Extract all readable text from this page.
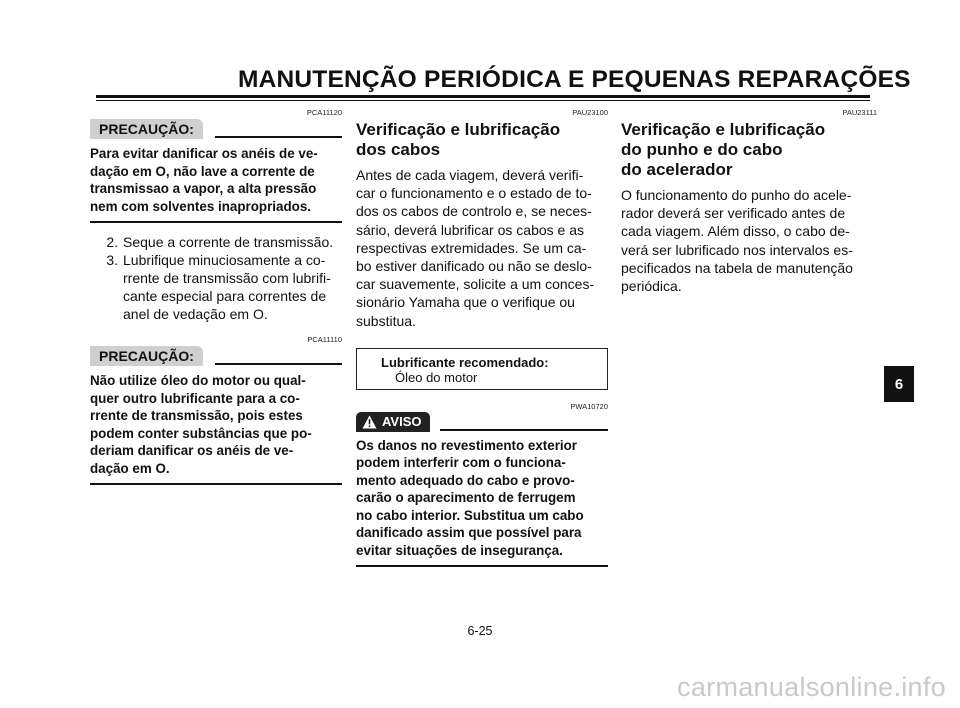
MANUTENÇÃO PERIÓDICA E PEQUENAS REPARAÇÕES
PCA11120
PRECAUÇÃO:
Para evitar danificar os anéis de ve-
dação em O, não lave a corrente de
transmissao a vapor, a alta pressão
nem com solventes inapropriados.
2. Seque a corrente de transmissão.
3. Lubrifique minuciosamente a co-
rrente de transmissão com lubrifi-
cante especial para correntes de
anel de vedação em O.
PCA11110
PRECAUÇÃO:
Não utilize óleo do motor ou qual-
quer outro lubrificante para a co-
rrente de transmissão, pois estes
podem conter substâncias que po-
deriam danificar os anéis de ve-
dação em O.
PAU23100
Verificação e lubrificação
dos cabos
Antes de cada viagem, deverá verifi-
car o funcionamento e o estado de to-
dos os cabos de controlo e, se neces-
sário, deverá lubrificar os cabos e as
respectivas extremidades. Se um ca-
bo estiver danificado ou não se deslo-
car suavemente, solicite a um conces-
sionário Yamaha que o verifique ou
substitua.
Lubrificante recomendado:
Óleo do motor
PWA10720
AVISO
Os danos no revestimento exterior
podem interferir com o funciona-
mento adequado do cabo e provo-
carão o aparecimento de ferrugem
no cabo interior. Substitua um cabo
danificado assim que possível para
evitar situações de insegurança.
PAU23111
Verificação e lubrificação
do punho e do cabo
do acelerador
O funcionamento do punho do acele-
rador deverá ser verificado antes de
cada viagem. Além disso, o cabo de-
verá ser lubrificado nos intervalos es-
pecificados na tabela de manutenção
periódica.
6
6-25
carmanualsonline.info
